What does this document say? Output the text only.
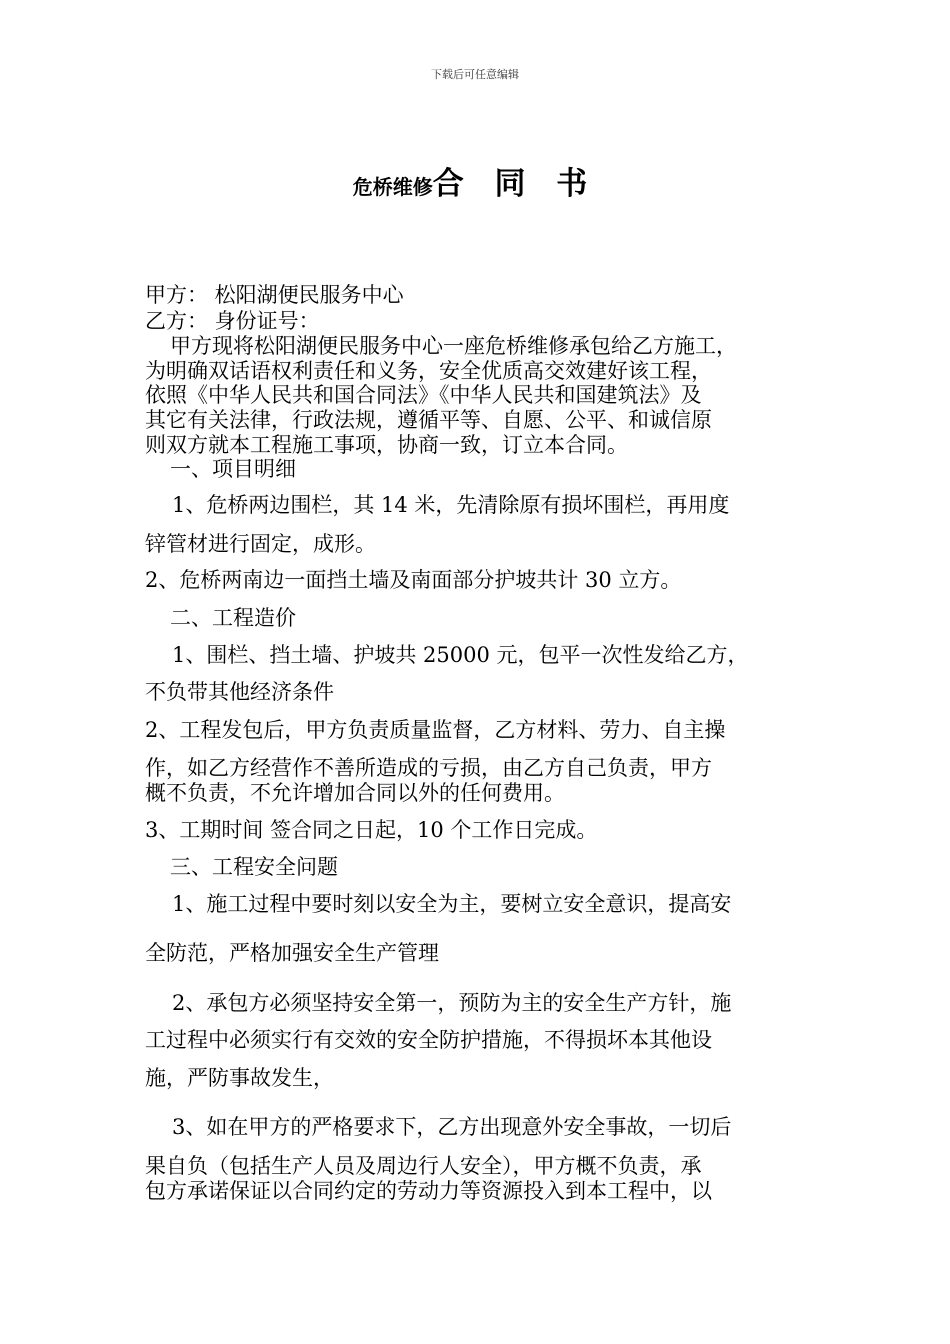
下载后可任意编辑
危桥维修合 同 书
甲方： 松阳湖便民服务中心
乙方： 身份证号：
甲方现将松阳湖便民服务中心一座危桥维修承包给乙方施工，
为明确双话语权利责任和义务，安全优质高交效建好该工程，
依照《中华人民共和国合同法》《中华人民共和国建筑法》及
其它有关法律，行政法规，遵循平等、自愿、公平、和诚信原
则双方就本工程施工事项，协商一致，订立本合同。
一、项目明细
1、危桥两边围栏，其 14 米，先清除原有损坏围栏，再用度
锌管材进行固定，成形。
2、危桥两南边一面挡土墙及南面部分护坡共计 30 立方。
二、工程造价
1、围栏、挡土墙、护坡共 25000 元，包平一次性发给乙方，
不负带其他经济条件
2、工程发包后，甲方负责质量监督，乙方材料、劳力、自主操
作，如乙方经营作不善所造成的亏损，由乙方自己负责，甲方
概不负责，不允许增加合同以外的任何费用。
3、工期时间 签合同之日起，10 个工作日完成。
三、工程安全问题
1、施工过程中要时刻以安全为主，要树立安全意识，提高安
全防范，严格加强安全生产管理
2、承包方必须坚持安全第一，预防为主的安全生产方针，施
工过程中必须实行有交效的安全防护措施，不得损坏本其他设
施，严防事故发生，
3、如在甲方的严格要求下，乙方出现意外安全事故，一切后
果自负（包括生产人员及周边行人安全），甲方概不负责，承
包方承诺保证以合同约定的劳动力等资源投入到本工程中，以
